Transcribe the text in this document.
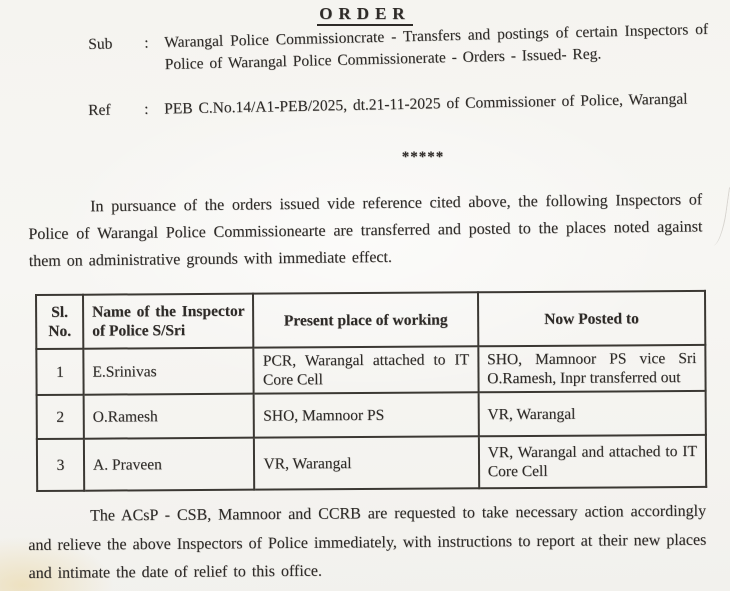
ORDER
Sub	: Warangal Police Commissioncrate - Transfers and postings of certain Inspectors of Police of Warangal Police Commissionerate - Orders - Issued- Reg.
Ref	: PEB C.No.14/A1-PEB/2025, dt.21-11-2025 of Commissioner of Police, Warangal
*****

In pursuance of the orders issued vide reference cited above, the following Inspectors of Police of Warangal Police Commissionearte are transferred and posted to the places noted against them on administrative grounds with immediate effect.

Sl. No.	Name of the Inspector of Police S/Sri	Present place of working	Now Posted to
1	E.Srinivas	PCR, Warangal attached to IT Core Cell	SHO, Mamnoor PS vice Sri O.Ramesh, Inpr transferred out
2	O.Ramesh	SHO, Mamnoor PS	VR, Warangal
3	A. Praveen	VR, Warangal	VR, Warangal and attached to IT Core Cell

The ACsP - CSB, Mamnoor and CCRB are requested to take necessary action accordingly and relieve the above Inspectors of Police immediately, with instructions to report at their new places and intimate the date of relief to this office.
